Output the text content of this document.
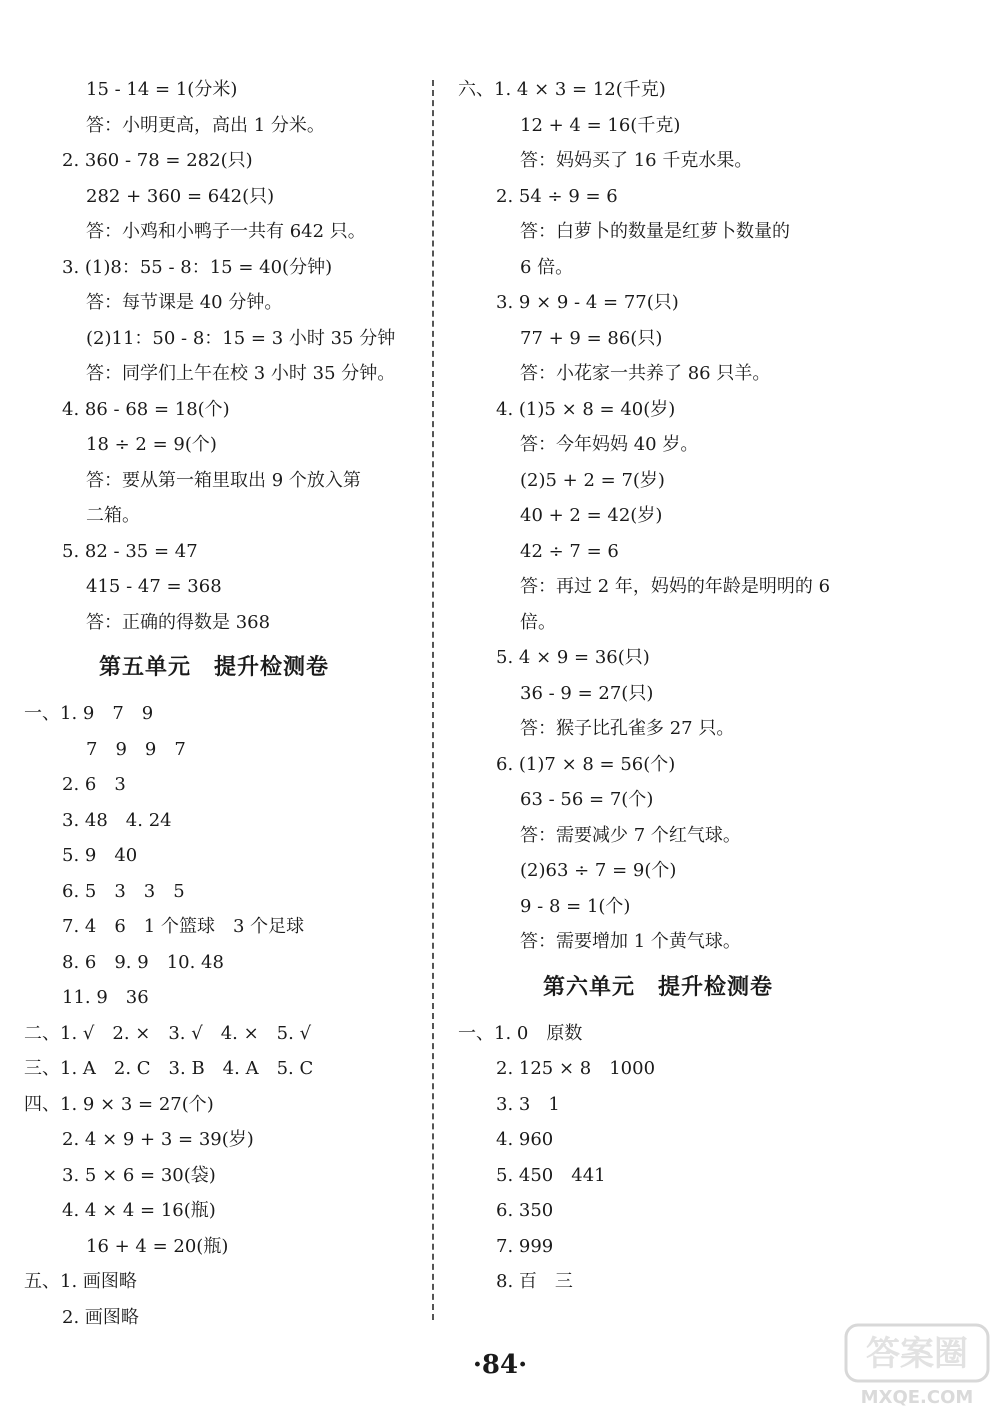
15 - 14 = 1(分米)
答：小明更高，高出 1 分米。
2. 360 - 78 = 282(只)
282 + 360 = 642(只)
答：小鸡和小鸭子一共有 642 只。
3. (1)8：55 - 8：15 = 40(分钟)
答：每节课是 40 分钟。
(2)11：50 - 8：15 = 3 小时 35 分钟
答：同学们上午在校 3 小时 35 分钟。
4. 86 - 68 = 18(个)
18 ÷ 2 = 9(个)
答：要从第一箱里取出 9 个放入第
二箱。
5. 82 - 35 = 47
415 - 47 = 368
答：正确的得数是 368
第五单元　提升检测卷
一、1. 9　7　9
7　9　9　7
2. 6　3
3. 48　4. 24
5. 9　40
6. 5　3　3　5
7. 4　6　1 个篮球　3 个足球
8. 6　9. 9　10. 48
11. 9　36
二、1. √　2. ×　3. √　4. ×　5. √
三、1. A　2. C　3. B　4. A　5. C
四、1. 9 × 3 = 27(个)
2. 4 × 9 + 3 = 39(岁)
3. 5 × 6 = 30(袋)
4. 4 × 4 = 16(瓶)
16 + 4 = 20(瓶)
五、1. 画图略
2. 画图略
六、1. 4 × 3 = 12(千克)
12 + 4 = 16(千克)
答：妈妈买了 16 千克水果。
2. 54 ÷ 9 = 6
答：白萝卜的数量是红萝卜数量的
6 倍。
3. 9 × 9 - 4 = 77(只)
77 + 9 = 86(只)
答：小花家一共养了 86 只羊。
4. (1)5 × 8 = 40(岁)
答：今年妈妈 40 岁。
(2)5 + 2 = 7(岁)
40 + 2 = 42(岁)
42 ÷ 7 = 6
答：再过 2 年，妈妈的年龄是明明的 6
倍。
5. 4 × 9 = 36(只)
36 - 9 = 27(只)
答：猴子比孔雀多 27 只。
6. (1)7 × 8 = 56(个)
63 - 56 = 7(个)
答：需要减少 7 个红气球。
(2)63 ÷ 7 = 9(个)
9 - 8 = 1(个)
答：需要增加 1 个黄气球。
第六单元　提升检测卷
一、1. 0　原数
2. 125 × 8　1000
3. 3　1
4. 960
5. 450　441
6. 350
7. 999
8. 百　三
·84·	答案圈
MXQE.COM
